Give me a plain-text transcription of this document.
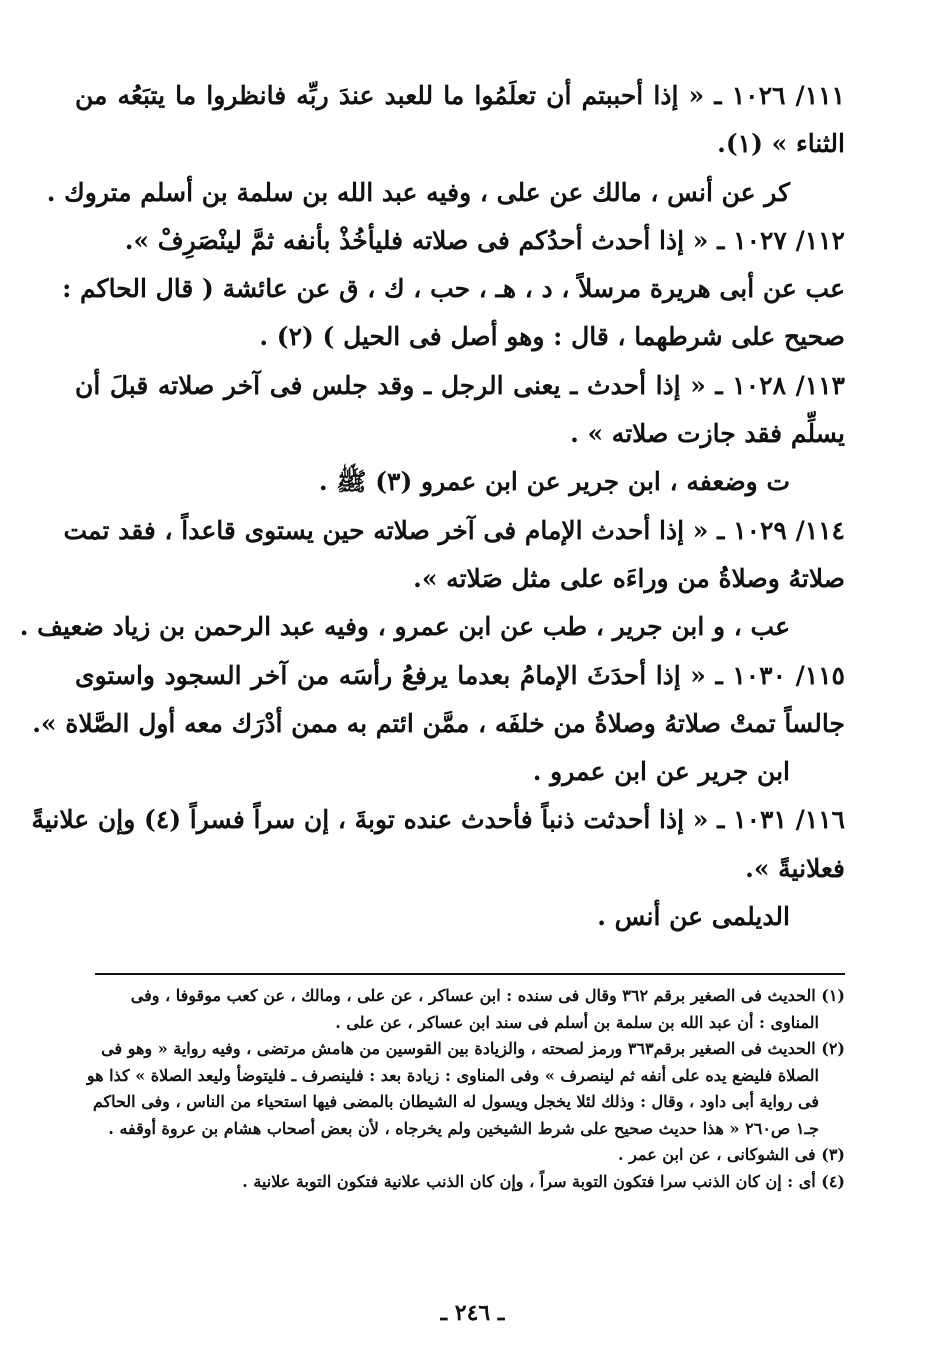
١١١/ ١٠٢٦ ـ « إذا أحببتم أن تعلَمُوا ما للعبد عندَ ربِّه فانظروا ما يتبَعُه من
الثناء » (١).
كر عن أنس ، مالك عن على ، وفيه عبد الله بن سلمة بن أسلم متروك .
١١٢/ ١٠٢٧ ـ « إذا أحدث أحدُكم فى صلاته فليأخُذْ بأنفه ثمَّ لينْصَرِفْ ».
عب عن أبى هريرة مرسلاً ، د ، هـ ، حب ، ك ، ق عن عائشة ( قال الحاكم :
صحيح على شرطهما ، قال : وهو أصل فى الحيل ) (٢) .
١١٣/ ١٠٢٨ ـ « إذا أحدث ـ يعنى الرجل ـ وقد جلس فى آخر صلاته قبلَ أن
يسلِّم فقد جازت صلاته » .
ت وضعفه ، ابن جرير عن ابن عمرو (٣) ﷺ .
١١٤/ ١٠٢٩ ـ « إذا أحدث الإمام فى آخر صلاته حين يستوى قاعداً ، فقد تمت
صلاتهُ وصلاةُ من وراءَه على مثل صَلاته ».
عب ، و ابن جرير ، طب عن ابن عمرو ، وفيه عبد الرحمن بن زياد ضعيف .
١١٥/ ١٠٣٠ ـ « إذا أحدَثَ الإمامُ بعدما يرفعُ رأسَه من آخر السجود واستوى
جالساً تمتْ صلاتهُ وصلاةُ من خلفَه ، ممَّن ائتم به ممن أدْرَك معه أول الصَّلاة ».
ابن جرير عن ابن عمرو .
١١٦/ ١٠٣١ ـ « إذا أحدثت ذنباً فأحدث عنده توبةَ ، إن سراً فسراً (٤) وإن علانيةً
فعلانيةً ».
الديلمى عن أنس .
(١) الحديث فى الصغير برقم ٣٦٢ وقال فى سنده : ابن عساكر ، عن على ، ومالك ، عن كعب موقوفا ، وفى
المناوى : أن عبد الله بن سلمة بن أسلم فى سند ابن عساكر ، عن على .
(٢) الحديث فى الصغير برقم٣٦٣ ورمز لصحته ، والزيادة بين القوسين من هامش مرتضى ، وفيه رواية « وهو فى
الصلاة فليضع يده على أنفه ثم لينصرف » وفى المناوى : زيادة بعد : فلينصرف ـ فليتوضأ وليعد الصلاة » كذا هو
فى رواية أبى داود ، وقال : وذلك لئلا يخجل ويسول له الشيطان بالمضى فيها استحياء من الناس ، وفى الحاكم
جـ١ ص٢٦٠ « هذا حديث صحيح على شرط الشيخين ولم يخرجاه ، لأن بعض أصحاب هشام بن عروة أوقفه .
(٣) فى الشوكانى ، عن ابن عمر .
(٤) أى : إن كان الذنب سرا فتكون التوبة سراً ، وإن كان الذنب علانية فتكون التوبة علانية .
ـ ٢٤٦ ـ
